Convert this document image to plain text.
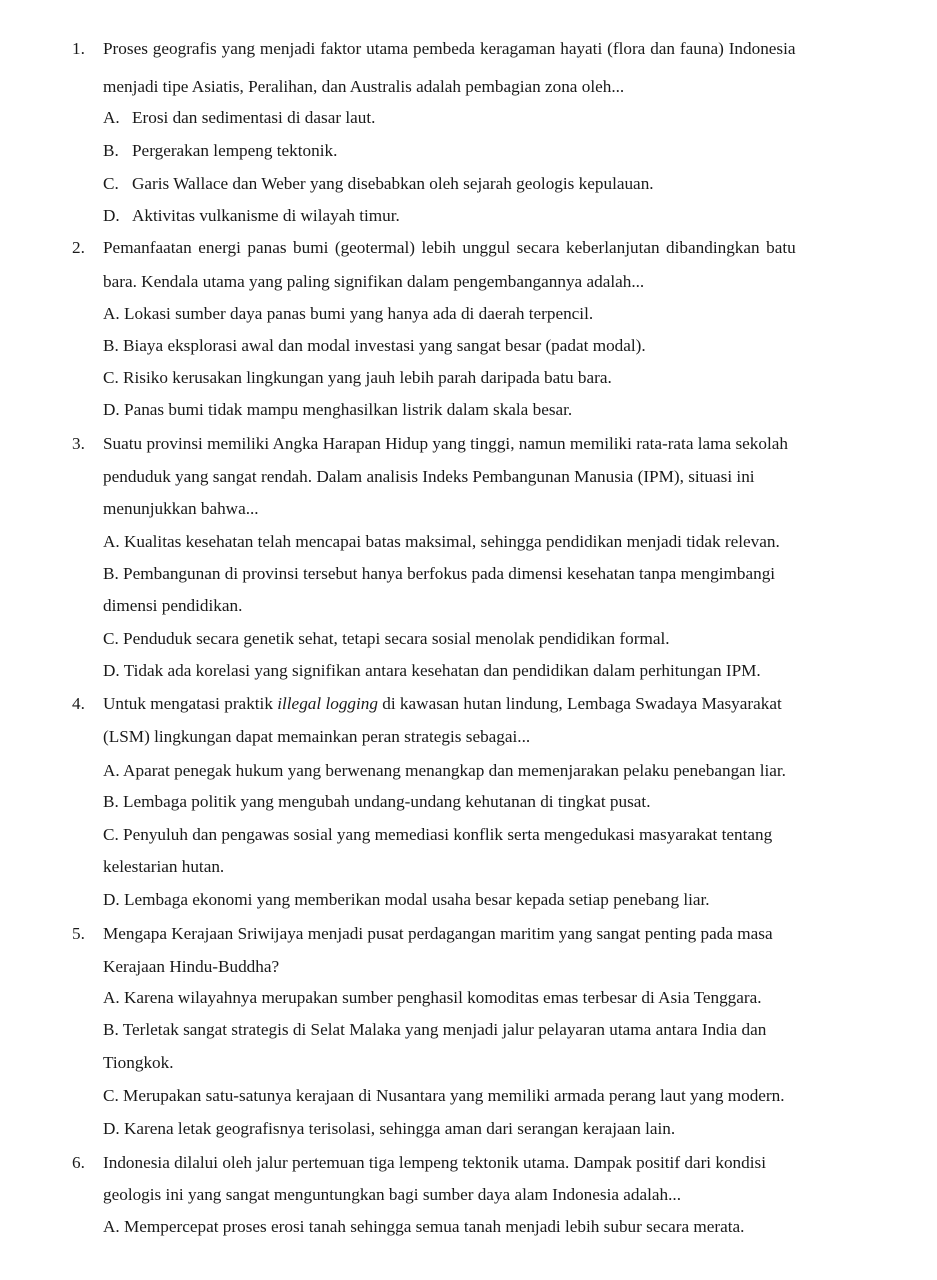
1. Proses geografis yang menjadi faktor utama pembeda keragaman hayati (flora dan fauna) Indonesia
menjadi tipe Asiatis, Peralihan, dan Australis adalah pembagian zona oleh...
A. Erosi dan sedimentasi di dasar laut.
B. Pergerakan lempeng tektonik.
C. Garis Wallace dan Weber yang disebabkan oleh sejarah geologis kepulauan.
D. Aktivitas vulkanisme di wilayah timur.
2. Pemanfaatan energi panas bumi (geotermal) lebih unggul secara keberlanjutan dibandingkan batu
bara. Kendala utama yang paling signifikan dalam pengembangannya adalah...
A. Lokasi sumber daya panas bumi yang hanya ada di daerah terpencil.
B. Biaya eksplorasi awal dan modal investasi yang sangat besar (padat modal).
C. Risiko kerusakan lingkungan yang jauh lebih parah daripada batu bara.
D. Panas bumi tidak mampu menghasilkan listrik dalam skala besar.
3. Suatu provinsi memiliki Angka Harapan Hidup yang tinggi, namun memiliki rata-rata lama sekolah
penduduk yang sangat rendah. Dalam analisis Indeks Pembangunan Manusia (IPM), situasi ini
menunjukkan bahwa...
A. Kualitas kesehatan telah mencapai batas maksimal, sehingga pendidikan menjadi tidak relevan.
B. Pembangunan di provinsi tersebut hanya berfokus pada dimensi kesehatan tanpa mengimbangi
dimensi pendidikan.
C. Penduduk secara genetik sehat, tetapi secara sosial menolak pendidikan formal.
D. Tidak ada korelasi yang signifikan antara kesehatan dan pendidikan dalam perhitungan IPM.
4. Untuk mengatasi praktik illegal logging di kawasan hutan lindung, Lembaga Swadaya Masyarakat
(LSM) lingkungan dapat memainkan peran strategis sebagai...
A. Aparat penegak hukum yang berwenang menangkap dan memenjarakan pelaku penebangan liar.
B. Lembaga politik yang mengubah undang-undang kehutanan di tingkat pusat.
C. Penyuluh dan pengawas sosial yang memediasi konflik serta mengedukasi masyarakat tentang
kelestarian hutan.
D. Lembaga ekonomi yang memberikan modal usaha besar kepada setiap penebang liar.
5. Mengapa Kerajaan Sriwijaya menjadi pusat perdagangan maritim yang sangat penting pada masa
Kerajaan Hindu-Buddha?
A. Karena wilayahnya merupakan sumber penghasil komoditas emas terbesar di Asia Tenggara.
B. Terletak sangat strategis di Selat Malaka yang menjadi jalur pelayaran utama antara India dan
Tiongkok.
C. Merupakan satu-satunya kerajaan di Nusantara yang memiliki armada perang laut yang modern.
D. Karena letak geografisnya terisolasi, sehingga aman dari serangan kerajaan lain.
6. Indonesia dilalui oleh jalur pertemuan tiga lempeng tektonik utama. Dampak positif dari kondisi
geologis ini yang sangat menguntungkan bagi sumber daya alam Indonesia adalah...
A. Mempercepat proses erosi tanah sehingga semua tanah menjadi lebih subur secara merata.
